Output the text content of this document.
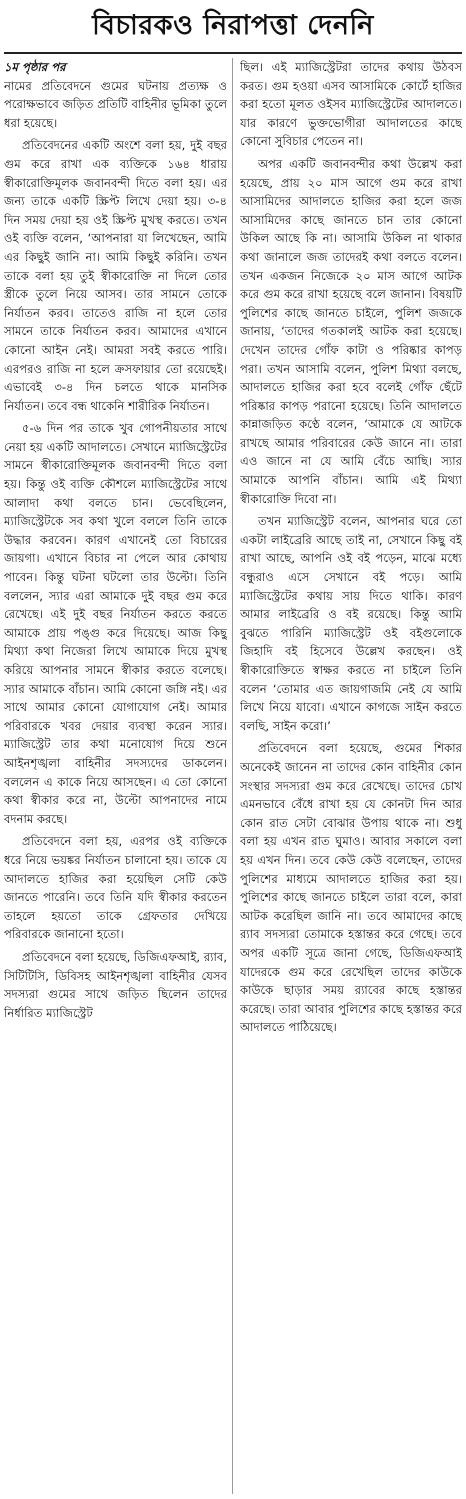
বিচারকও নিরাপত্তা দেননি

১ম পৃষ্ঠার পর
নামের প্রতিবেদনে গুমের ঘটনায় প্রত্যক্ষ ও পরোক্ষভাবে জড়িত প্রতিটি বাহিনীর ভূমিকা তুলে ধরা হয়েছে।

প্রতিবেদনের একটি অংশে বলা হয়, দুই বছর গুম করে রাখা এক ব্যক্তিকে ১৬৪ ধারায় স্বীকারোক্তিমূলক জবানবন্দী দিতে বলা হয়। এর জন্য তাকে একটি স্ক্রিপ্ট লিখে দেয়া হয়। ৩-৪ দিন সময় দেয়া হয় ওই স্ক্রিপ্ট মুখস্থ করতে। তখন ওই ব্যক্তি বলেন, ‘আপনারা যা লিখেছেন, আমি এর কিছুই জানি না। আমি কিছুই করিনি। তখন তাকে বলা হয় তুই স্বীকারোক্তি না দিলে তোর স্ত্রীকে তুলে নিয়ে আসব। তার সামনে তোকে নির্যাতন করব। তাতেও রাজি না হলে তোর সামনে তাকে নির্যাতন করব। আমাদের এখানে কোনো আইন নেই। আমরা সবই করতে পারি। এরপরও রাজি না হলে ক্রসফায়ার তো রয়েছেই। এভাবেই ৩-৪ দিন চলতে থাকে মানসিক নির্যাতন। তবে বন্ধ থাকেনি শারীরিক নির্যাতন।

৫-৬ দিন পর তাকে খুব গোপনীয়তার সাথে নেয়া হয় একটি আদালতে। সেখানে ম্যাজিস্ট্রেটের সামনে স্বীকারোক্তিমূলক জবানবন্দী দিতে বলা হয়। কিন্তু ওই ব্যক্তি কৌশলে ম্যাজিস্ট্রেটের সাথে আলাদা কথা বলতে চান। ভেবেছিলেন, ম্যাজিস্ট্রেটকে সব কথা খুলে বললে তিনি তাকে উদ্ধার করবেন। কারণ এখানেই তো বিচারের জায়গা। এখানে বিচার না পেলে আর কোথায় পাবেন। কিন্তু ঘটনা ঘটলো তার উল্টো। তিনি বললেন, স্যার এরা আমাকে দুই বছর গুম করে রেখেছে। এই দুই বছর নির্যাতন করতে করতে আমাকে প্রায় পঙ্গু করে দিয়েছে। আজ কিছু মিথ্যা কথা নিজেরা লিখে আমাকে দিয়ে মুখস্থ করিয়ে আপনার সামনে স্বীকার করতে বলেছে। স্যার আমাকে বাঁচান। আমি কোনো জঙ্গি নই। এর সাথে আমার কোনো যোগাযোগ নেই। আমার পরিবারকে খবর দেয়ার ব্যবস্থা করেন স্যার। ম্যাজিস্ট্রেট তার কথা মনোযোগ দিয়ে শুনে আইনশৃঙ্খলা বাহিনীর সদস্যদের ডাকলেন। বললেন এ কাকে নিয়ে আসছেন। এ তো কোনো কথা স্বীকার করে না, উল্টো আপনাদের নামে বদনাম করছে।

প্রতিবেদনে বলা হয়, এরপর ওই ব্যক্তিকে ধরে নিয়ে ভয়ঙ্কর নির্যাতন চালানো হয়। তাকে যে আদালতে হাজির করা হয়েছিল সেটি কেউ জানতে পারেনি। তবে তিনি যদি স্বীকার করতেন তাহলে হয়তো তাকে গ্রেফতার দেখিয়ে পরিবারকে জানানো হতো।

প্রতিবেদনে বলা হয়েছে, ডিজিএফআই, র‍্যাব, সিটিটিসি, ডিবিসহ আইনশৃঙ্খলা বাহিনীর যেসব সদস্যরা গুমের সাথে জড়িত ছিলেন তাদের নির্ধারিত ম্যাজিস্ট্রেট

ছিল। এই ম্যাজিস্ট্রেটরা তাদের কথায় উঠবস করত। গুম হওয়া এসব আসামিকে কোর্টে হাজির করা হতো মূলত ওইসব ম্যাজিস্ট্রেটের আদালতে। যার কারণে ভুক্তভোগীরা আদালতের কাছে কোনো সুবিচার পেতেন না।

অপর একটি জবানবন্দীর কথা উল্লেখ করা হয়েছে, প্রায় ২০ মাস আগে গুম করে রাখা আসামিদের আদালতে হাজির করা হলে জজ আসামিদের কাছে জানতে চান তার কোনো উকিল আছে কি না। আসামি উকিল না থাকার কথা জানালে জজ তাদেরই কথা বলতে বলেন। তখন একজন নিজেকে ২০ মাস আগে আটক করে গুম করে রাখা হয়েছে বলে জানান। বিষয়টি পুলিশের কাছে জানতে চাইলে, পুলিশ জজকে জানায়, ‘তাদের গতকালই আটক করা হয়েছে। দেখেন তাদের গোঁফ কাটা ও পরিষ্কার কাপড় পরা। তখন আসামি বলেন, পুলিশ মিথ্যা বলছে, আদালতে হাজির করা হবে বলেই গোঁফ ছেঁটে পরিষ্কার কাপড় পরানো হয়েছে। তিনি আদালতে কান্নাজড়িত কণ্ঠে বলেন, ‘আমাকে যে আটকে রাখছে আমার পরিবারের কেউ জানে না। তারা এও জানে না যে আমি বেঁচে আছি। স্যার আমাকে আপনি বাঁচান। আমি এই মিথ্যা স্বীকারোক্তি দিবো না।

তখন ম্যাজিস্ট্রেট বলেন, আপনার ঘরে তো একটা লাইব্রেরি আছে তাই না, সেখানে কিছু বই রাখা আছে, আপনি ওই বই পড়েন, মাঝে মধ্যে বন্ধুরাও এসে সেখানে বই পড়ে। আমি ম্যাজিস্ট্রেটের কথায় সায় দিতে থাকি। কারণ আমার লাইব্রেরি ও বই রয়েছে। কিন্তু আমি বুঝতে পারিনি ম্যাজিস্ট্রেট ওই বইগুলোকে জিহাদি বই হিসেবে উল্লেখ করছেন। ওই স্বীকারোক্তিতে স্বাক্ষর করতে না চাইলে তিনি বলেন ‘তোমার এত জায়গাজমি নেই যে আমি লিখে নিয়ে যাবো। এখানে কাগজে সাইন করতে বলছি, সাইন করো।’

প্রতিবেদনে বলা হয়েছে, গুমের শিকার অনেকেই জানেন না তাদের কোন বাহিনীর কোন সংস্থার সদস্যরা গুম করে রেখেছে। তাদের চোখ এমনভাবে বেঁধে রাখা হয় যে কোনটা দিন আর কোন রাত সেটা বোঝার উপায় থাকে না। শুধু বলা হয় এখন রাত ঘুমাও। আবার সকালে বলা হয় এখন দিন। তবে কেউ কেউ বলেছেন, তাদের পুলিশের মাধ্যমে আদালতে হাজির করা হয়। পুলিশের কাছে জানতে চাইলে তারা বলে, কারা আটক করেছিল জানি না। তবে আমাদের কাছে র‍্যাব সদস্যরা তোমাকে হস্তান্তর করে গেছে। তবে অপর একটি সূত্রে জানা গেছে, ডিজিএফআই যাদেরকে গুম করে রেখেছিল তাদের কাউকে কাউকে ছাড়ার সময় র‍্যাবের কাছে হস্তান্তর করেছে। তারা আবার পুলিশের কাছে হস্তান্তর করে আদালতে পাঠিয়েছে।
